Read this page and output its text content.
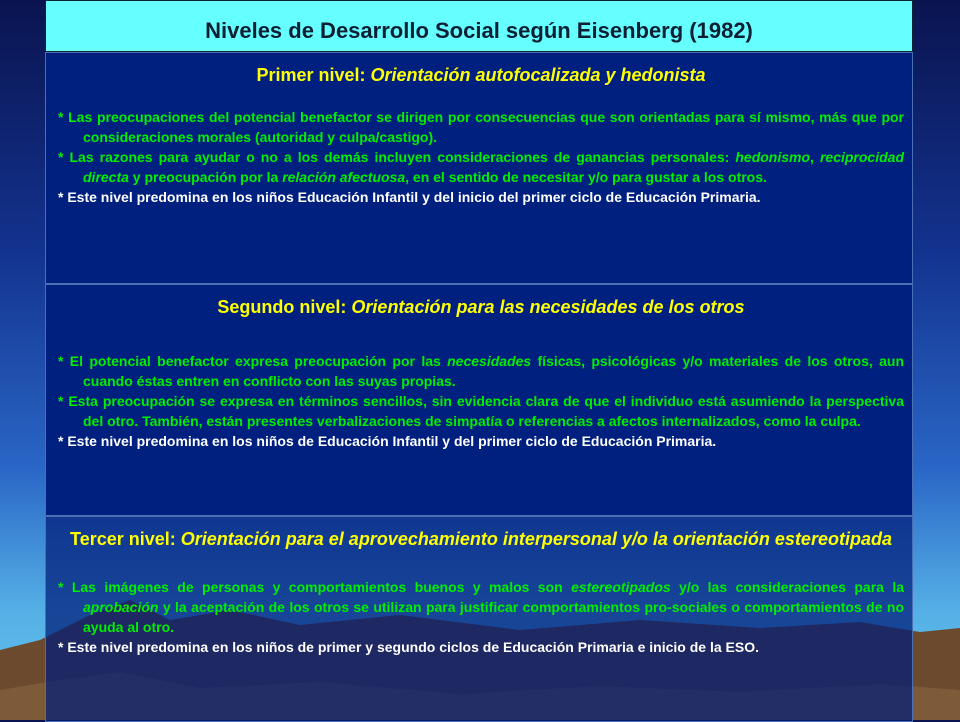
Niveles de Desarrollo Social según Eisenberg (1982)
Primer nivel: Orientación autofocalizada y hedonista

* Las preocupaciones del potencial benefactor se dirigen por consecuencias que son orientadas para sí mismo, más que por consideraciones morales (autoridad y culpa/castigo).

* Las razones para ayudar o no a los demás incluyen consideraciones de ganancias personales: hedonismo, reciprocidad directa y preocupación por la relación afectuosa, en el sentido de necesitar y/o para gustar a los otros.

* Este nivel predomina en los niños Educación Infantil y del inicio del primer ciclo de Educación Primaria.

Segundo nivel: Orientación para las necesidades de los otros

* El potencial benefactor expresa preocupación por las necesidades físicas, psicológicas y/o materiales de los otros, aun cuando éstas entren en conflicto con las suyas propias.

* Esta preocupación se expresa en términos sencillos, sin evidencia clara de que el individuo está asumiendo la perspectiva del otro. También, están presentes verbalizaciones de simpatía o referencias a afectos internalizados, como la culpa.

* Este nivel predomina en los niños de Educación Infantil y del primer ciclo de Educación Primaria.

Tercer nivel: Orientación para el aprovechamiento interpersonal y/o la orientación estereotipada

* Las imágenes de personas y comportamientos buenos y malos son estereotipados y/o las consideraciones para la aprobación y la aceptación de los otros se utilizan para justificar comportamientos pro-sociales o comportamientos de no ayuda al otro.

* Este nivel predomina en los niños de primer y segundo ciclos de Educación Primaria e inicio de la ESO.
